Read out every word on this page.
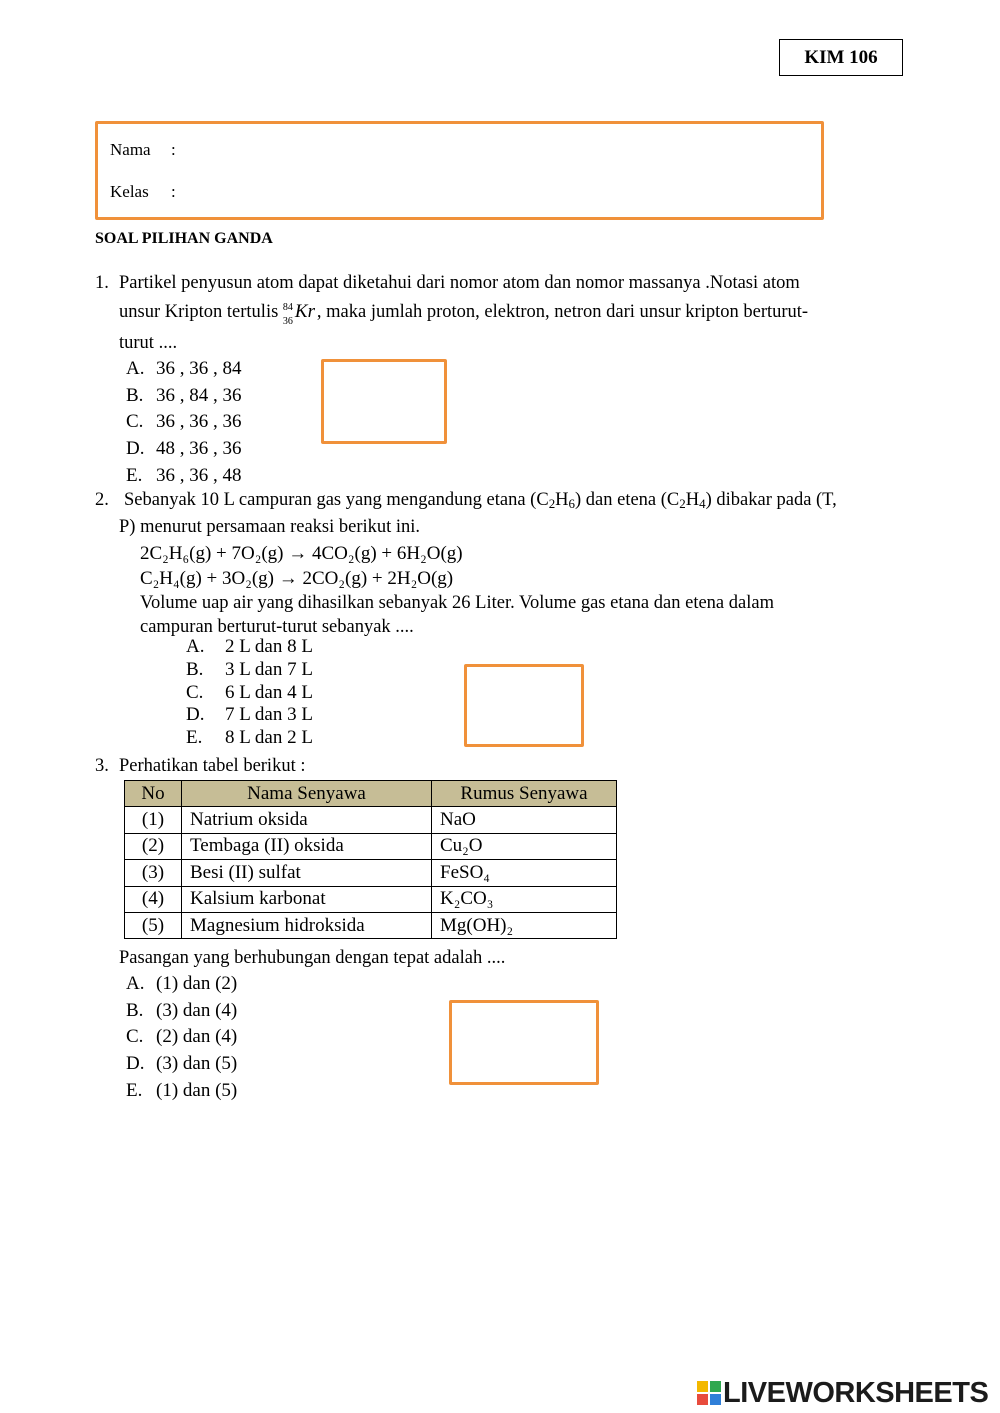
KIM 106
Nama :
Kelas :
SOAL PILIHAN GANDA
1. Partikel penyusun atom dapat diketahui dari nomor atom dan nomor massanya .Notasi atom
unsur Kripton tertulis 84
36 Kr , maka jumlah proton, elektron, netron dari unsur kripton berturut-
turut ....
A. 36 , 36 , 84
B. 36 , 84 , 36
C. 36 , 36 , 36
D. 48 , 36 , 36
E. 36 , 36 , 48
2. Sebanyak 10 L campuran gas yang mengandung etana $(C_2H_6)$ dan etena $(C_2H_4)$ dibakar pada (T,
P) menurut persamaan reaksi berikut ini.
2C₂H₆(g) + 7O₂(g) → 4CO₂(g) + 6H₂O(g)
C₂H₄(g) + 3O₂(g) → 2CO₂(g) + 2H₂O(g)
Volume uap air yang dihasilkan sebanyak 26 Liter. Volume gas etana dan etena dalam
campuran berturut-turut sebanyak ....
A. 2 L dan 8 L
B. 3 L dan 7 L
C. 6 L dan 4 L
D. 7 L dan 3 L
E. 8 L dan 2 L
3. Perhatikan tabel berikut :
No	Nama Senyawa	Rumus Senyawa
(1)	Natrium oksida	NaO
(2)	Tembaga (II) oksida	Cu₂O
(3)	Besi (II) sulfat	FeSO₄
(4)	Kalsium karbonat	K₂CO₃
(5)	Magnesium hidroksida	Mg(OH)₂
Pasangan yang berhubungan dengan tepat adalah ....
A. (1) dan (2)
B. (3) dan (4)
C. (2) dan (4)
D. (3) dan (5)
E. (1) dan (5)
LIVEWORKSHEETS
